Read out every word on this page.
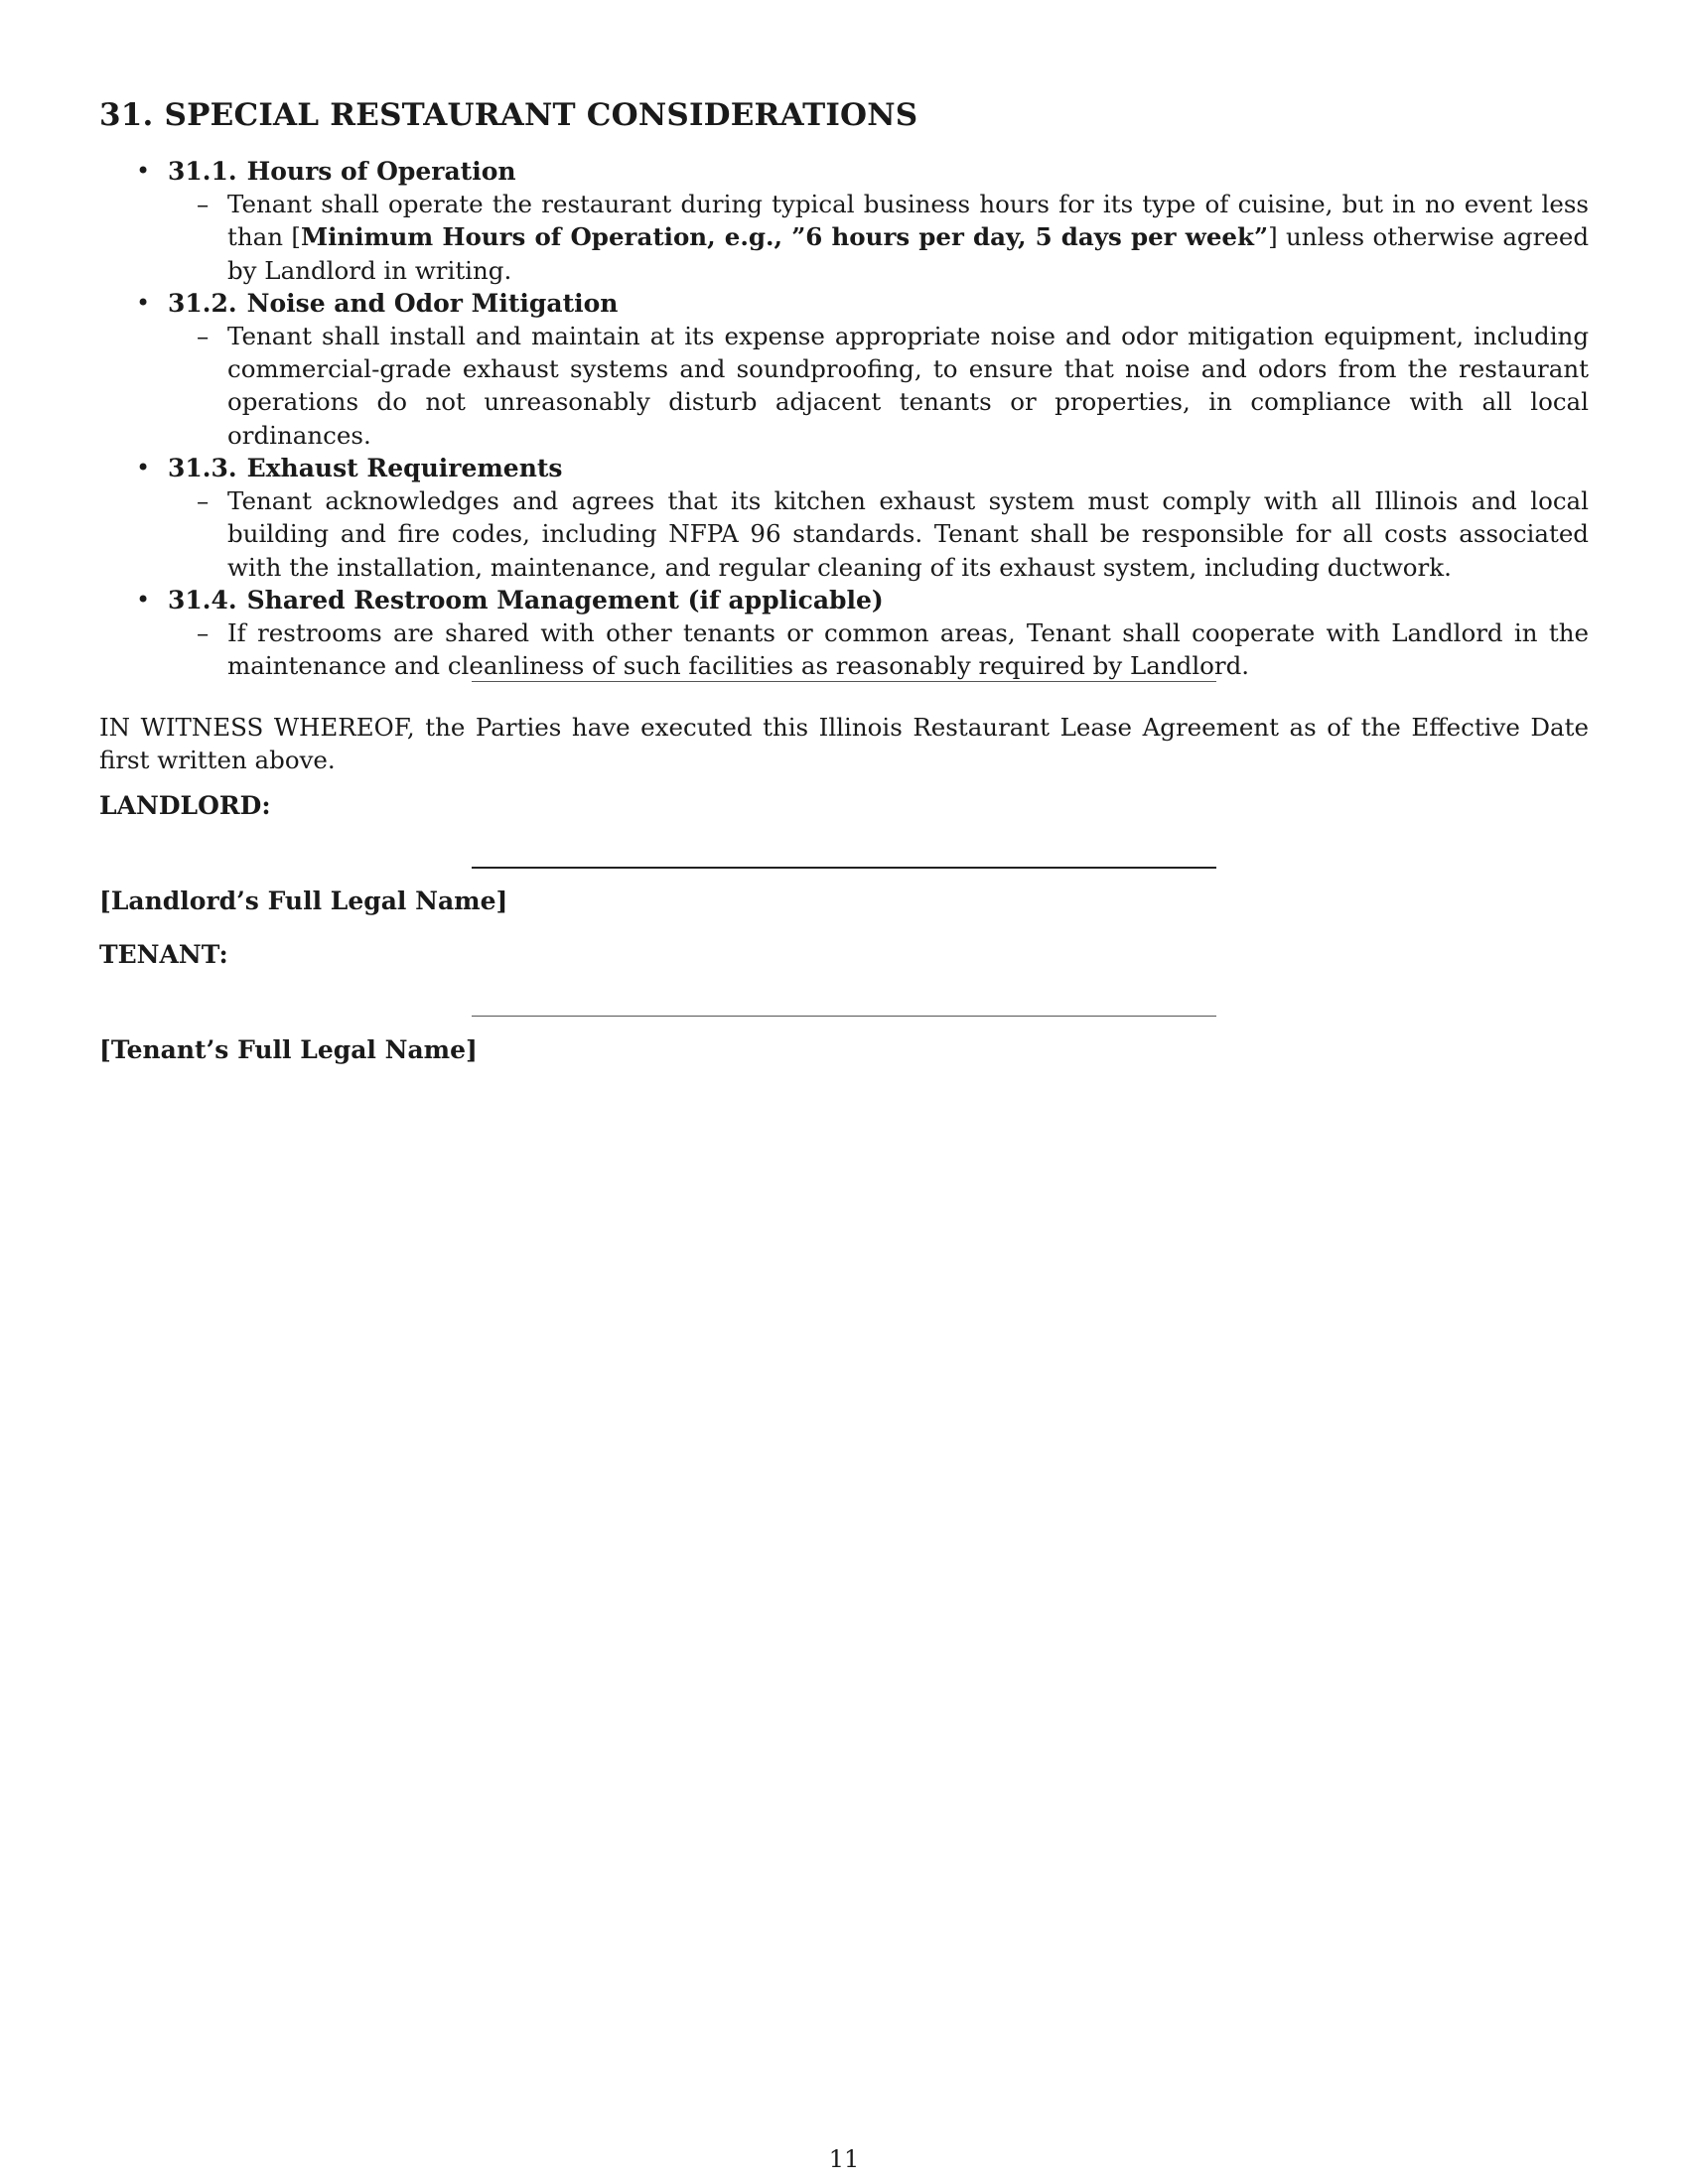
31. SPECIAL RESTAURANT CONSIDERATIONS
• 31.1. Hours of Operation
– Tenant shall operate the restaurant during typical business hours for its type of cuisine, but in no event less than [Minimum Hours of Operation, e.g., ”6 hours per day, 5 days per week”] unless otherwise agreed by Landlord in writing.
• 31.2. Noise and Odor Mitigation
– Tenant shall install and maintain at its expense appropriate noise and odor mitigation equipment, including commercial-grade exhaust systems and soundproofing, to ensure that noise and odors from the restaurant operations do not unreasonably disturb adjacent tenants or properties, in compliance with all local ordinances.
• 31.3. Exhaust Requirements
– Tenant acknowledges and agrees that its kitchen exhaust system must comply with all Illinois and local building and fire codes, including NFPA 96 standards. Tenant shall be responsible for all costs associated with the installation, maintenance, and regular cleaning of its exhaust system, including ductwork.
• 31.4. Shared Restroom Management (if applicable)
– If restrooms are shared with other tenants or common areas, Tenant shall cooperate with Landlord in the maintenance and cleanliness of such facilities as reasonably required by Landlord.

IN WITNESS WHEREOF, the Parties have executed this Illinois Restaurant Lease Agreement as of the Effective Date first written above.

LANDLORD:
[Landlord’s Full Legal Name]
TENANT:
[Tenant’s Full Legal Name]
11
